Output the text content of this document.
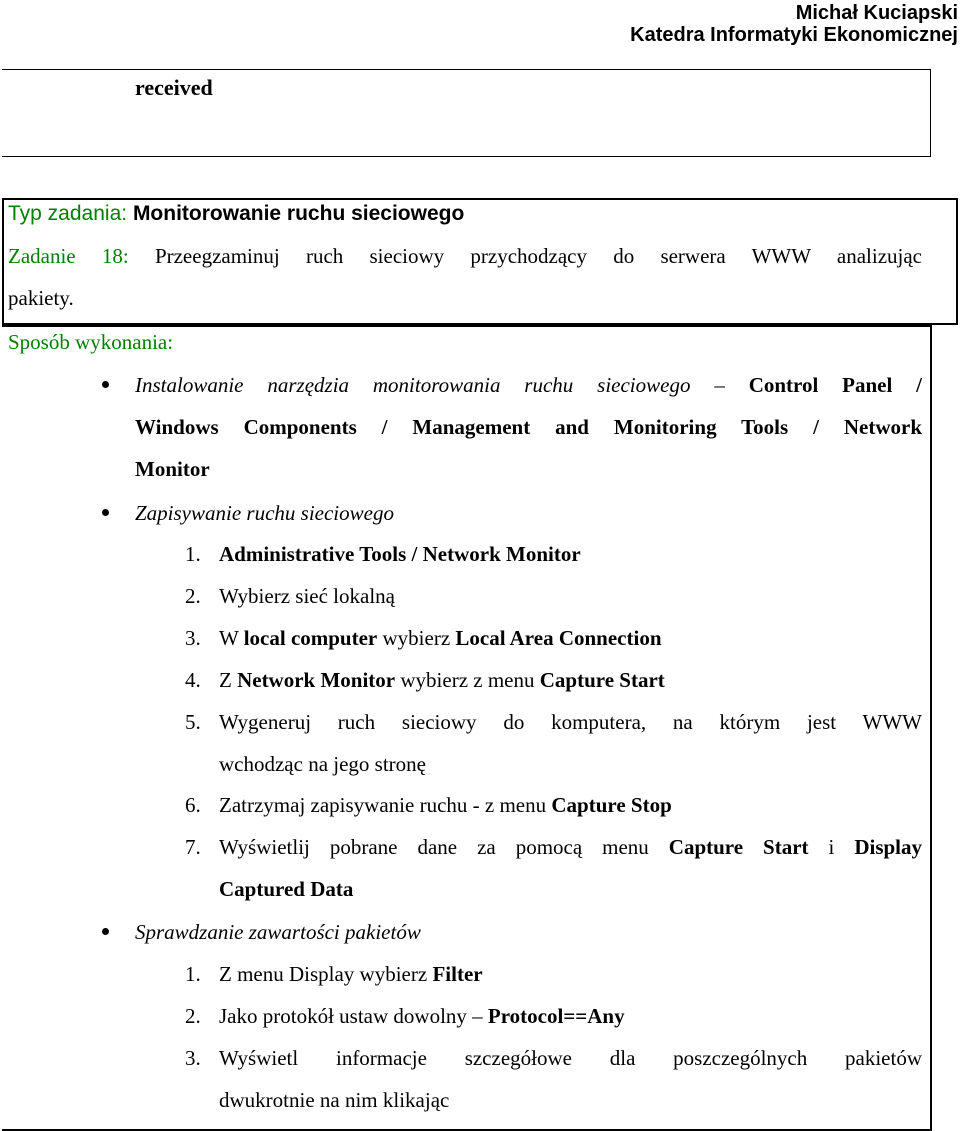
Michał Kuciapski
Katedra Informatyki Ekonomicznej
received
Typ zadania: Monitorowanie ruchu sieciowego
Zadanie 18: Przeegzaminuj ruch sieciowy przychodzący do serwera WWW analizując
pakiety.
Sposób wykonania:
Instalowanie narzędzia monitorowania ruchu sieciowego – Control Panel /
Windows Components / Management and Monitoring Tools / Network
Monitor
Zapisywanie ruchu sieciowego
1. Administrative Tools / Network Monitor
2. Wybierz sieć lokalną
3. W local computer wybierz Local Area Connection
4. Z Network Monitor wybierz z menu Capture Start
5. Wygeneruj ruch sieciowy do komputera, na którym jest WWW
wchodząc na jego stronę
6. Zatrzymaj zapisywanie ruchu - z menu Capture Stop
7. Wyświetlij pobrane dane za pomocą menu Capture Start i Display
Captured Data
Sprawdzanie zawartości pakietów
1. Z menu Display wybierz Filter
2. Jako protokół ustaw dowolny – Protocol==Any
3. Wyświetl informacje szczegółowe dla poszczególnych pakietów
dwukrotnie na nim klikając
